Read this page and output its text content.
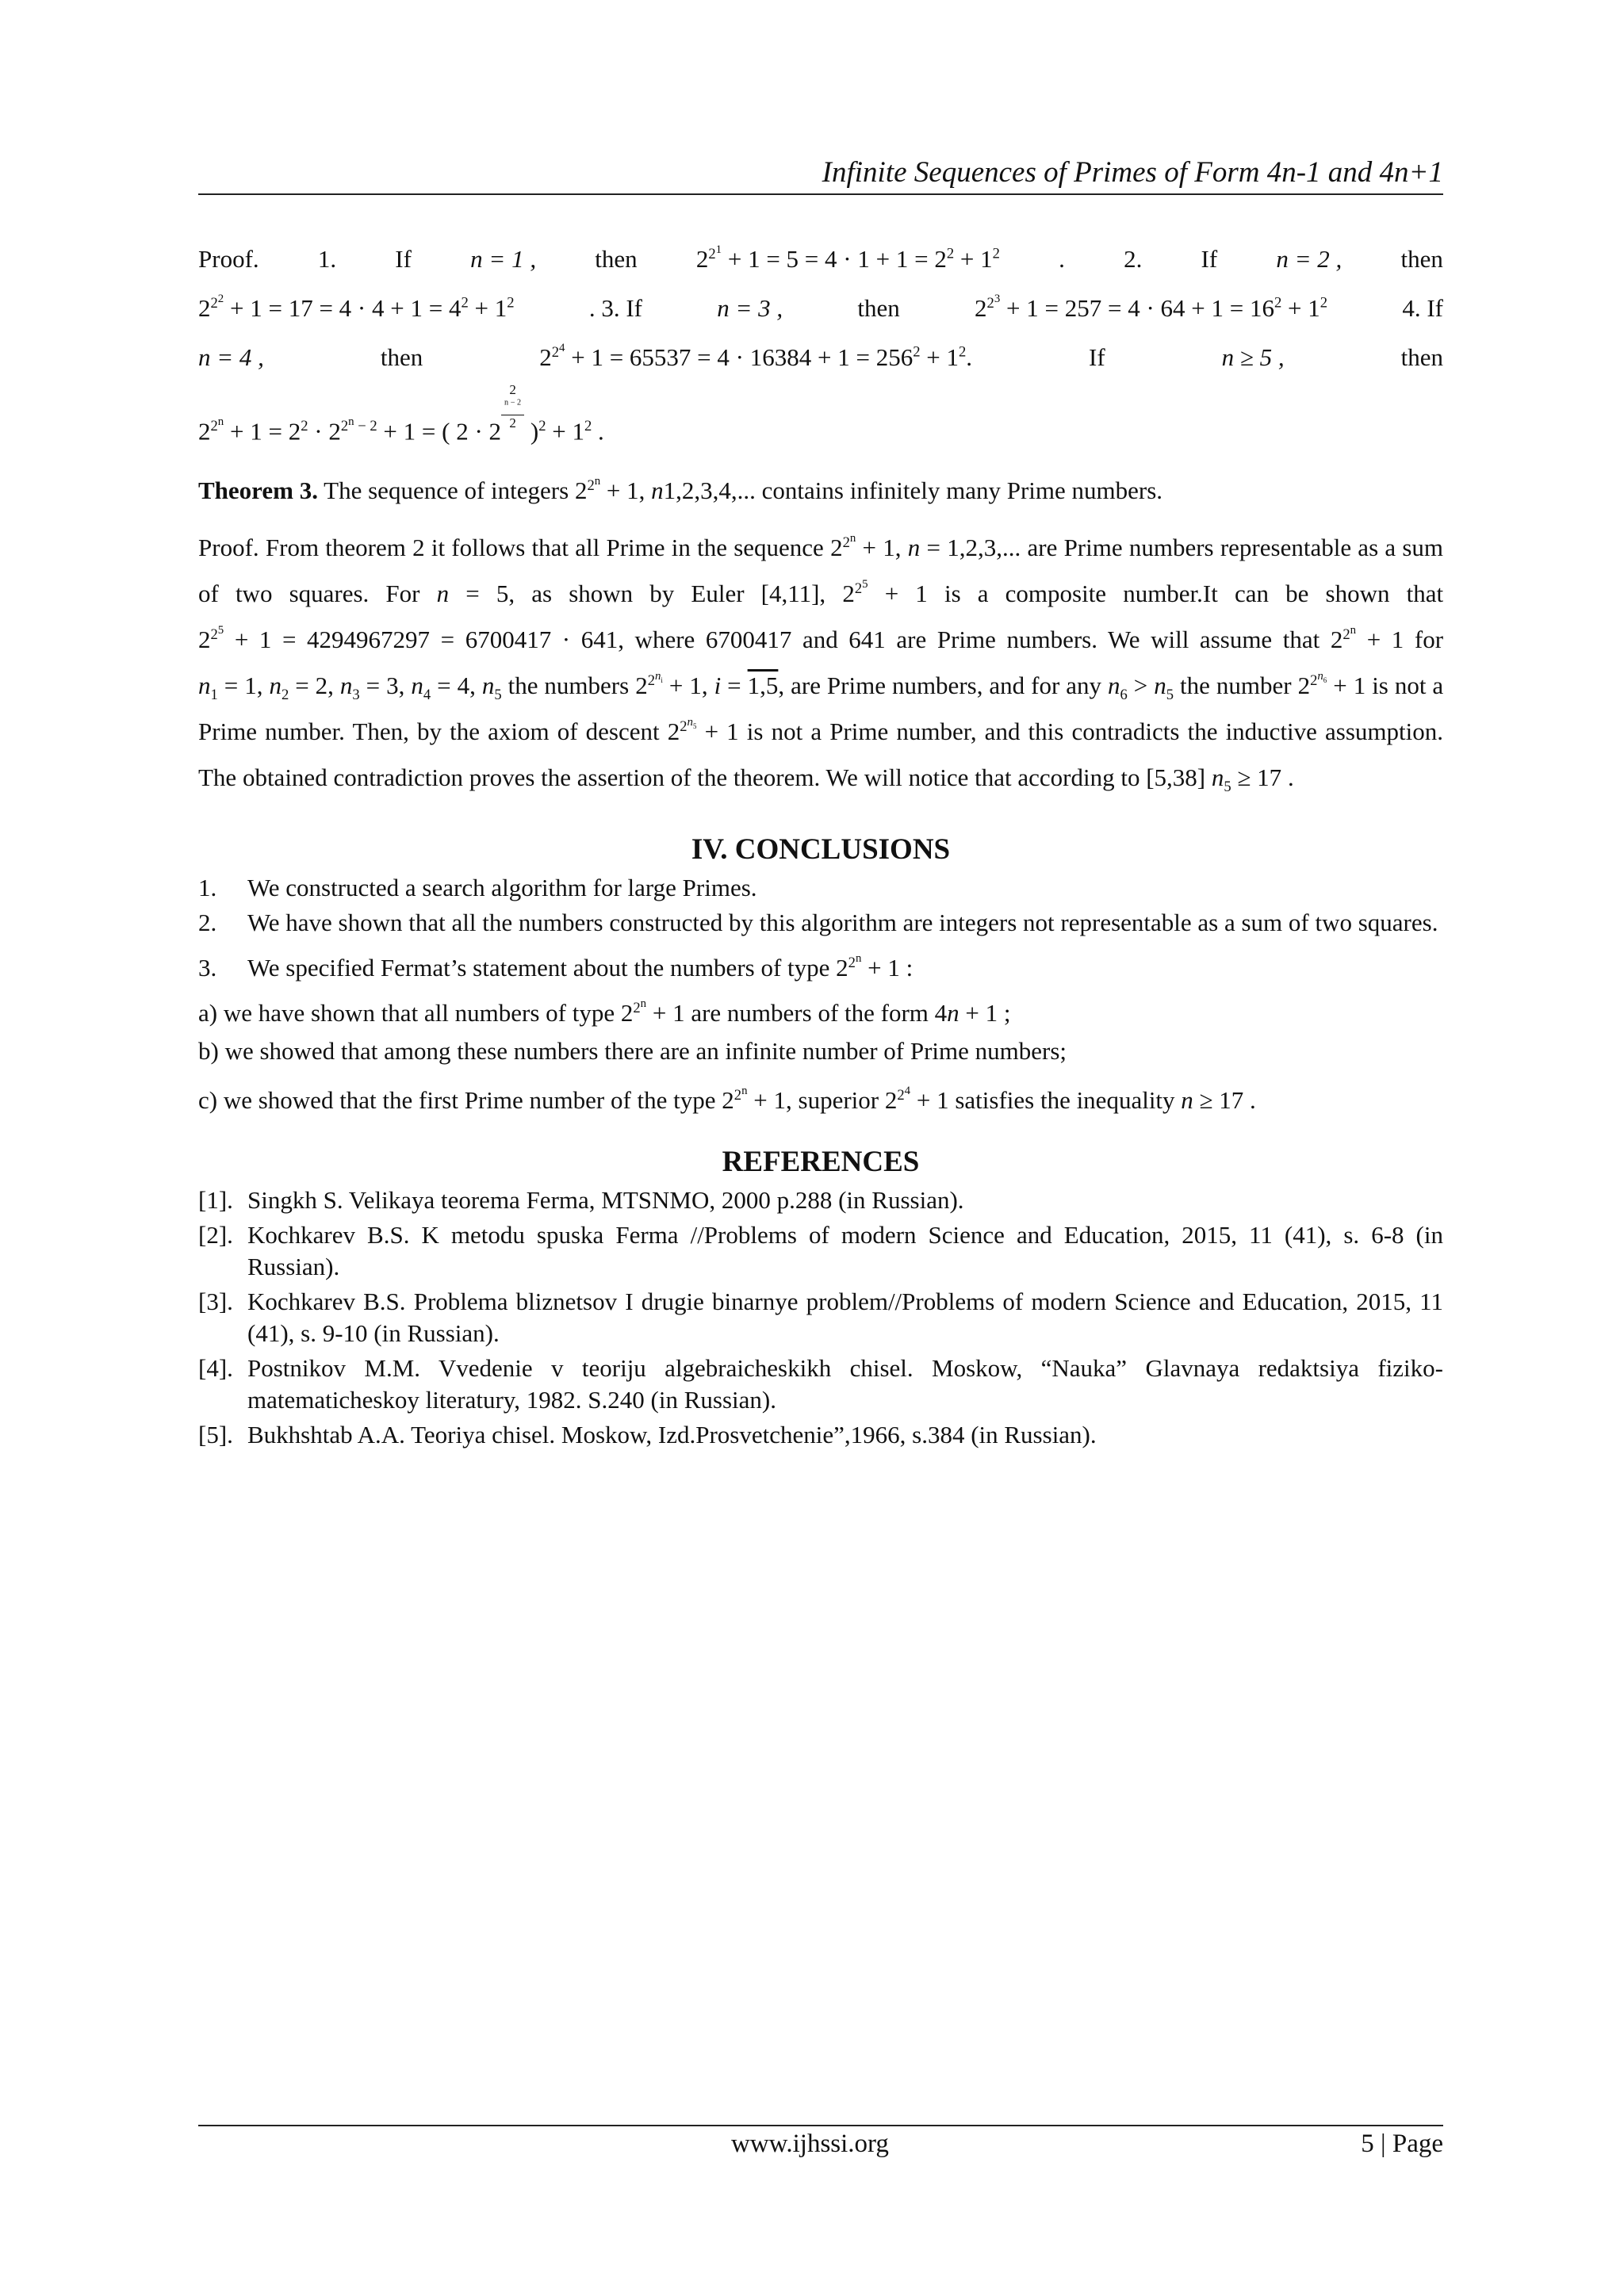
Infinite Sequences of Primes of Form 4n-1 and 4n+1
Proof. 1. If n = 1 , then $2^{2^1} + 1 = 5 = 4 \cdot 1 + 1 = 2^2 + 1^2$ . 2. If n = 2 , then
$2^{2^2} + 1 = 17 = 4 \cdot 4 + 1 = 4^2 + 1^2$	. 3. If	n = 3 ,	then	$2^{2^3} + 1 = 257 = 4 \cdot 64 + 1 = 16^2 + 1^2$	4. If
n = 4 ,	then	$2^{2^4} + 1 = 65537 = 4 \cdot 16384 + 1 = 256^2 + 1^2$.	If	n ≥ 5 ,	then
$2^{2^n} + 1 = 2^2 \cdot 2^{2^n - 2} + 1$ = ( 2 · 2 2
$^{n - 2}$
2 )$^2 + 1^2$ .

Theorem 3. The sequence of integers $2^{2^n} + 1$, n1,2,3,4,... contains infinitely many Prime numbers.

Proof. From theorem 2 it follows that all Prime in the sequence $2^{2^n} + 1$, n = 1,2,3,... are Prime numbers representable as a sum of two squares. For n = 5, as shown by Euler [4,11], $2^{2^5} + 1$ is a composite number.It can be shown that $2^{2^5} + 1 = 4294967297 = 6700417 \cdot 641$, where 6700417 and 641 are Prime numbers. We will assume that $2^{2^n} + 1$ for $n_1 = 1$, $n_2 = 2$, $n_3 = 3$, $n_4 = 4$, $n_5$ the numbers $2^{2^{n_i}} + 1$, i = 1,5, are Prime numbers, and for any $n_6 > n_5$ the number $2^{2^{n_6}} + 1$ is not a Prime number. Then, by the axiom of descent $2^{2^{n_5}} + 1$ is not a Prime number, and this contradicts the inductive assumption. The obtained contradiction proves the assertion of the theorem. We will notice that according to [5,38] $n_5 \ge 17$ .

IV. CONCLUSIONS
1.	We constructed a search algorithm for large Primes.
2.	We have shown that all the numbers constructed by this algorithm are integers not representable as a sum of two squares.
3.	We specified Fermat’s statement about the numbers of type $2^{2^n} + 1$ :

a) we have shown that all numbers of type $2^{2^n} + 1$ are numbers of the form 4n + 1 ;

b) we showed that among these numbers there are an infinite number of Prime numbers;

c) we showed that the first Prime number of the type $2^{2^n} + 1$, superior $2^{2^4} + 1$ satisfies the inequality n ≥ 17 .

REFERENCES
[1]. Singkh S. Velikaya teorema Ferma, MTSNMO, 2000 p.288 (in Russian).
[2]. Kochkarev B.S. K metodu spuska Ferma //Problems of modern Science and Education, 2015, 11 (41), s. 6-8 (in Russian).
[3]. Kochkarev B.S. Problema bliznetsov I drugie binarnye problem//Problems of modern Science and Education, 2015, 11 (41), s. 9-10 (in Russian).
[4]. Postnikov M.M. Vvedenie v teoriju algebraicheskikh chisel. Moskow, “Nauka” Glavnaya redaktsiya fiziko-matematicheskoy literatury, 1982. S.240 (in Russian).
[5]. Bukhshtab A.A. Teoriya chisel. Moskow, Izd.Prosvetchenie”,1966, s.384 (in Russian).
www.ijhssi.org	5 | Page
